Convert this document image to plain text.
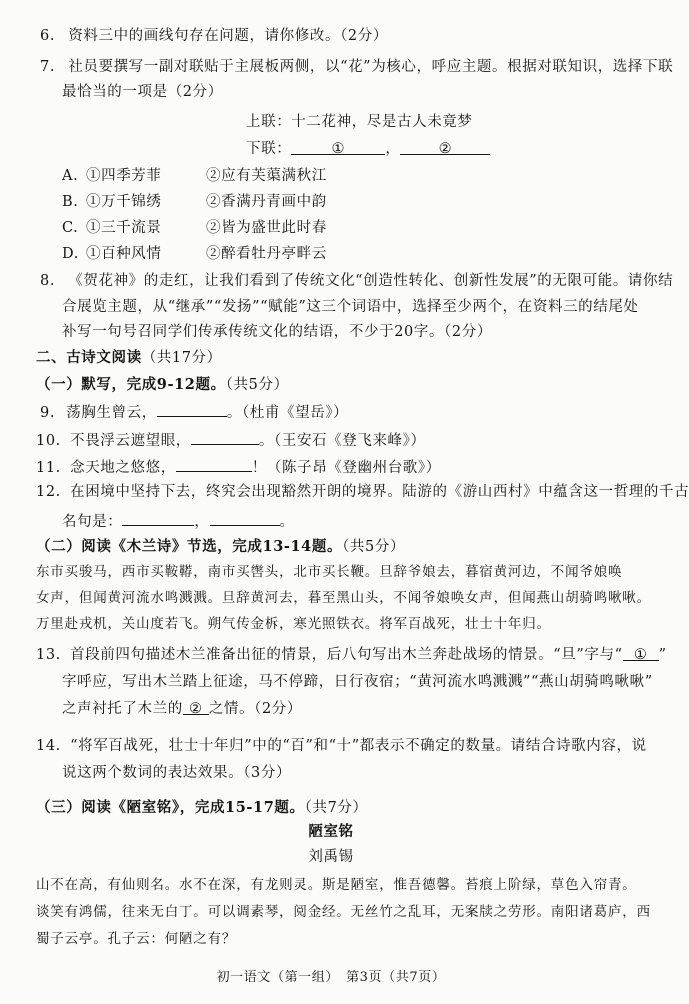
6. 资料三中的画线句存在问题，请你修改。（2分）
7. 社员要撰写一副对联贴于主展板两侧，以“花”为核心，呼应主题。根据对联知识，选择下联
最恰当的一项是（2分）
上联：十二花神，尽是古人未竟梦
下联：	①	，	②
A. ①四季芳菲	②应有芙蕖满秋江
B. ①万千锦绣	②香满丹青画中韵
C. ①三千流景	②皆为盛世此时春
D. ①百种风情	②醉看牡丹亭畔云
8. 《贺花神》的走红，让我们看到了传统文化“创造性转化、创新性发展”的无限可能。请你结
合展览主题，从“继承”“发扬”“赋能”这三个词语中，选择至少两个，在资料三的结尾处
补写一句号召同学们传承传统文化的结语，不少于20字。（2分）
二、古诗文阅读（共17分）
（一）默写，完成9-12题。（共5分）
9. 荡胸生曾云，	。（杜甫《望岳》）
10. 不畏浮云遮望眼，	。（王安石《登飞来峰》）
11. 念天地之悠悠，	！（陈子昂《登幽州台歌》）
12. 在困境中坚持下去，终究会出现豁然开朗的境界。陆游的《游山西村》中蕴含这一哲理的千古
名句是：	，	。
（二）阅读《木兰诗》节选，完成13-14题。（共5分）
东市买骏马，西市买鞍鞯，南市买辔头，北市买长鞭。旦辞爷娘去，暮宿黄河边，不闻爷娘唤
女声，但闻黄河流水鸣溅溅。旦辞黄河去，暮至黑山头，不闻爷娘唤女声，但闻燕山胡骑鸣啾啾。
万里赴戎机，关山度若飞。朔气传金柝，寒光照铁衣。将军百战死，壮士十年归。
13. 首段前四句描述木兰准备出征的情景，后八句写出木兰奔赴战场的情景。“旦”字与“ ① ”
字呼应，写出木兰踏上征途，马不停蹄，日行夜宿；“黄河流水鸣溅溅”“燕山胡骑鸣啾啾”
之声衬托了木兰的 ② 之情。（2分）
14. “将军百战死，壮士十年归”中的“百”和“十”都表示不确定的数量。请结合诗歌内容，说
说这两个数词的表达效果。（3分）
（三）阅读《陋室铭》，完成15-17题。（共7分）
陋室铭
刘禹锡
山不在高，有仙则名。水不在深，有龙则灵。斯是陋室，惟吾德馨。苔痕上阶绿，草色入帘青。
谈笑有鸿儒，往来无白丁。可以调素琴，阅金经。无丝竹之乱耳，无案牍之劳形。南阳诸葛庐，西
蜀子云亭。孔子云：何陋之有？
初一语文（第一组）　第3页（共7页）
